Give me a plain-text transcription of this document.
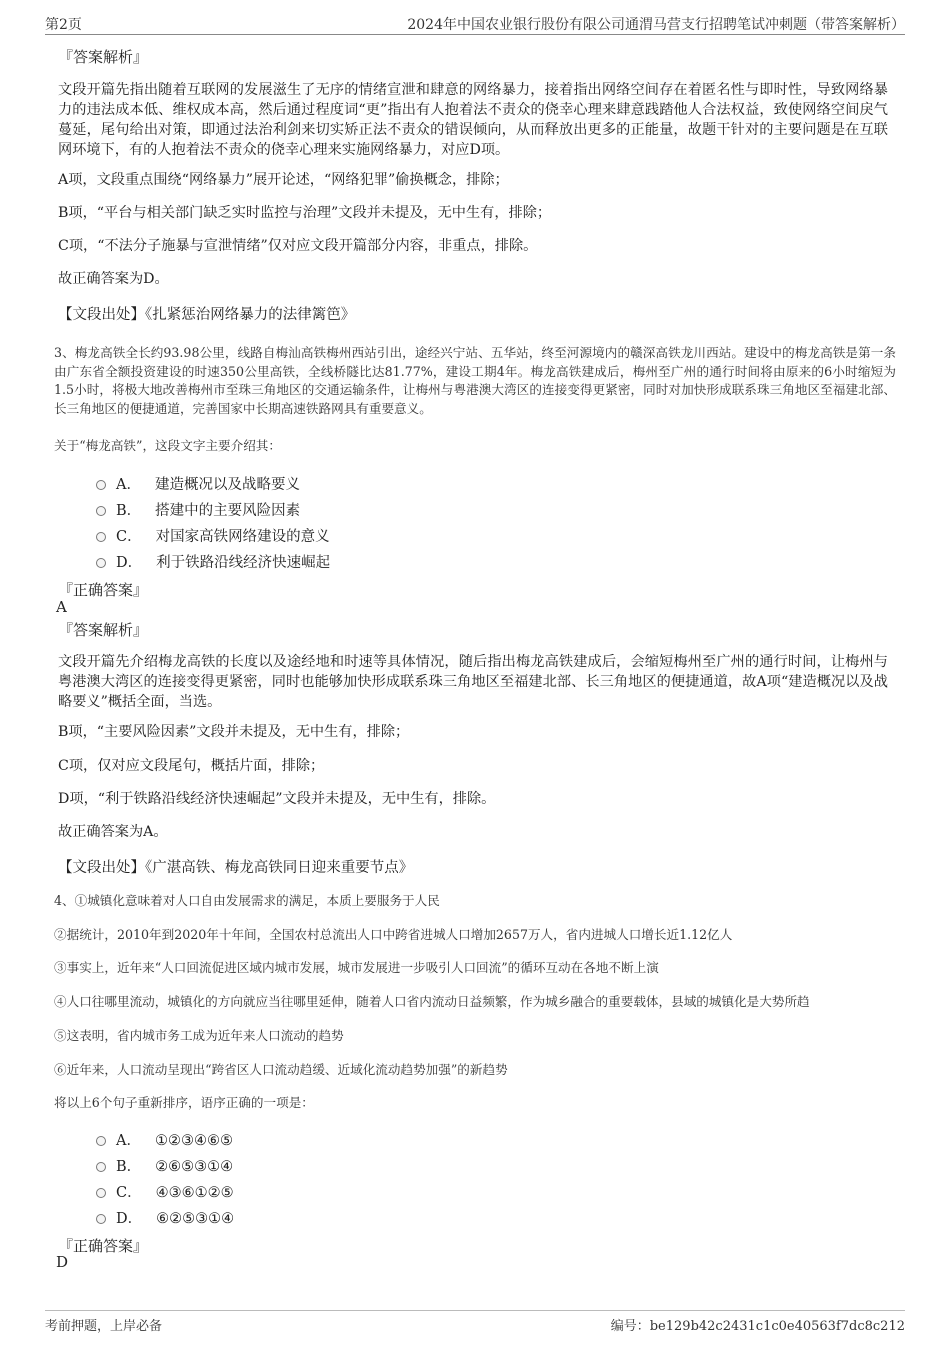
第2页	2024年中国农业银行股份有限公司通渭马营支行招聘笔试冲刺题（带答案解析）
『答案解析』
文段开篇先指出随着互联网的发展滋生了无序的情绪宣泄和肆意的网络暴力，接着指出网络空间存在着匿名性与即时性，导致网络暴力的违法成本低、维权成本高，然后通过程度词“更”指出有人抱着法不责众的侥幸心理来肆意践踏他人合法权益，致使网络空间戾气蔓延，尾句给出对策，即通过法治利剑来切实矫正法不责众的错误倾向，从而释放出更多的正能量，故题干针对的主要问题是在互联网环境下，有的人抱着法不责众的侥幸心理来实施网络暴力，对应D项。
A项，文段重点围绕“网络暴力”展开论述，“网络犯罪”偷换概念，排除；
B项，“平台与相关部门缺乏实时监控与治理”文段并未提及，无中生有，排除；
C项，“不法分子施暴与宣泄情绪”仅对应文段开篇部分内容，非重点，排除。
故正确答案为D。
【文段出处】《扎紧惩治网络暴力的法律篱笆》
3、梅龙高铁全长约93.98公里，线路自梅汕高铁梅州西站引出，途经兴宁站、五华站，终至河源境内的赣深高铁龙川西站。建设中的梅龙高铁是第一条由广东省全额投资建设的时速350公里高铁，全线桥隧比达81.77%，建设工期4年。梅龙高铁建成后，梅州至广州的通行时间将由原来的6小时缩短为1.5小时，将极大地改善梅州市至珠三角地区的交通运输条件，让梅州与粤港澳大湾区的连接变得更紧密，同时对加快形成联系珠三角地区至福建北部、长三角地区的便捷通道，完善国家中长期高速铁路网具有重要意义。
关于“梅龙高铁”，这段文字主要介绍其：
A． 建造概况以及战略要义
B． 搭建中的主要风险因素
C． 对国家高铁网络建设的意义
D． 利于铁路沿线经济快速崛起
『正确答案』
A
『答案解析』
文段开篇先介绍梅龙高铁的长度以及途经地和时速等具体情况，随后指出梅龙高铁建成后，会缩短梅州至广州的通行时间，让梅州与粤港澳大湾区的连接变得更紧密，同时也能够加快形成联系珠三角地区至福建北部、长三角地区的便捷通道，故A项“建造概况以及战略要义”概括全面，当选。
B项，“主要风险因素”文段并未提及，无中生有，排除；
C项，仅对应文段尾句，概括片面，排除；
D项，“利于铁路沿线经济快速崛起”文段并未提及，无中生有，排除。
故正确答案为A。
【文段出处】《广湛高铁、梅龙高铁同日迎来重要节点》
4、①城镇化意味着对人口自由发展需求的满足，本质上要服务于人民
②据统计，2010年到2020年十年间，全国农村总流出人口中跨省进城人口增加2657万人，省内进城人口增长近1.12亿人
③事实上，近年来“人口回流促进区域内城市发展，城市发展进一步吸引人口回流”的循环互动在各地不断上演
④人口往哪里流动，城镇化的方向就应当往哪里延伸，随着人口省内流动日益频繁，作为城乡融合的重要载体，县域的城镇化是大势所趋
⑤这表明，省内城市务工成为近年来人口流动的趋势
⑥近年来，人口流动呈现出“跨省区人口流动趋缓、近域化流动趋势加强”的新趋势
将以上6个句子重新排序，语序正确的一项是：
A． ①②③④⑥⑤
B． ②⑥⑤③①④
C． ④③⑥①②⑤
D． ⑥②⑤③①④
『正确答案』
D
考前押题，上岸必备	编号：be129b42c2431c1c0e40563f7dc8c212
